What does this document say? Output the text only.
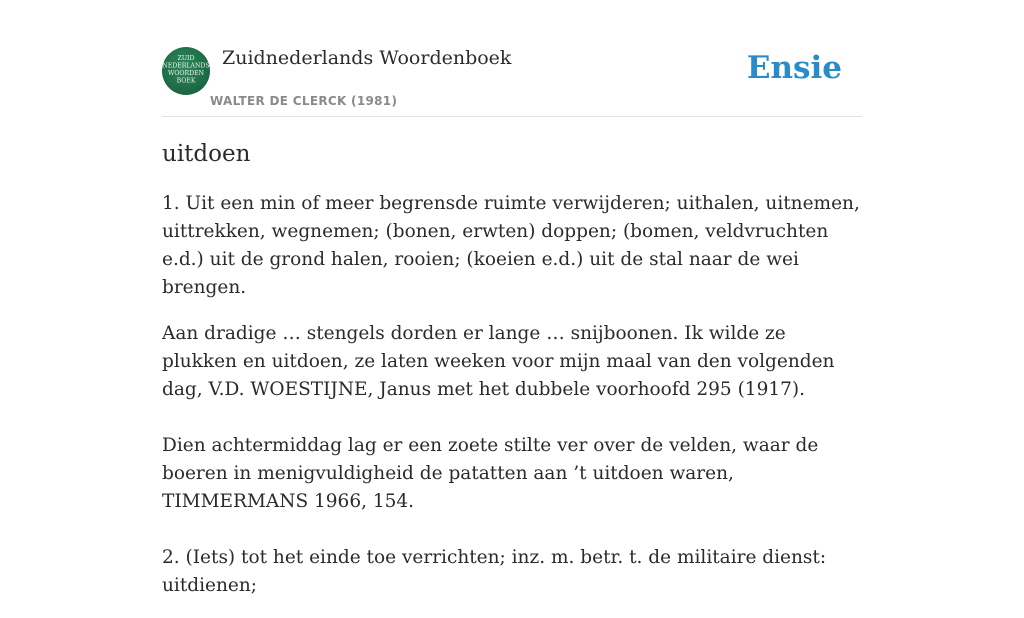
ZUID
NEDERLANDS
WOORDEN
BOEK
Zuidnederlands Woordenboek
WALTER DE CLERCK (1981)
Ensie
uitdoen

1. Uit een min of meer begrensde ruimte verwijderen; uithalen, uitnemen, uittrekken, wegnemen; (bonen, erwten) doppen; (bomen, veldvruchten e.d.) uit de grond halen, rooien; (koeien e.d.) uit de stal naar de wei brengen.

Aan dradige … stengels dorden er lange … snijboonen. Ik wilde ze plukken en uitdoen, ze laten weeken voor mijn maal van den volgenden dag, V.D. WOESTIJNE, Janus met het dubbele voorhoofd 295 (1917).

Dien achtermiddag lag er een zoete stilte ver over de velden, waar de boeren in menigvuldigheid de patatten aan ’t uitdoen waren, TIMMERMANS 1966, 154.

2. (Iets) tot het einde toe verrichten; inz. m. betr. t. de militaire dienst: uitdienen;
